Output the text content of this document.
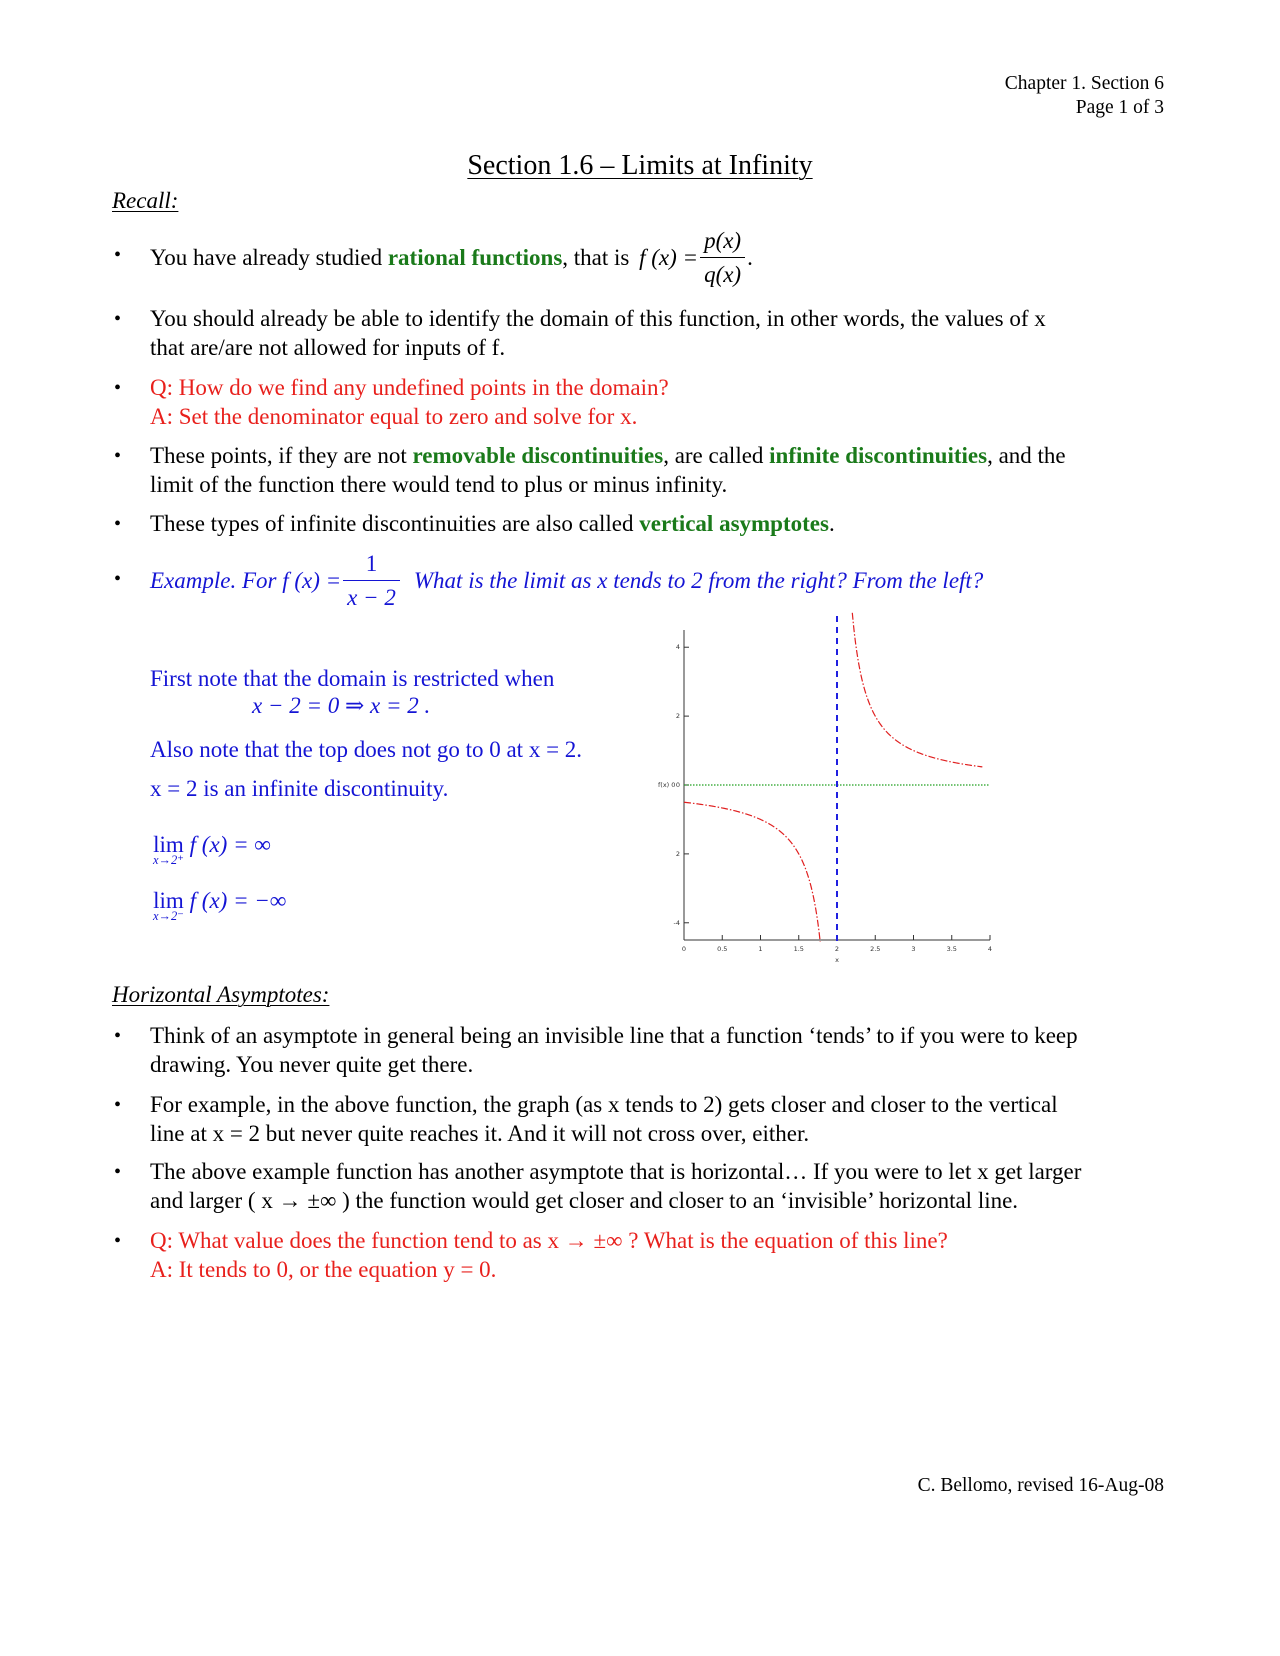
Chapter 1. Section 6
Page 1 of 3
Section 1.6 – Limits at Infinity
Recall:
• You have already studied rational functions, that is f $(x) = \frac{p(x)}{q(x)}$ .
• You should already be able to identify the domain of this function, in other words, the values of x
that are/are not allowed for inputs of f.
• Q: How do we find any undefined points in the domain?
A: Set the denominator equal to zero and solve for x.
• These points, if they are not removable discontinuities, are called infinite discontinuities, and the
limit of the function there would tend to plus or minus infinity.
• These types of infinite discontinuities are also called vertical asymptotes.
• Example. For f $(x) = \frac{1}{x - 2}$ What is the limit as x tends to 2 from the right? From the left?
First note that the domain is restricted when
x − 2 = 0 ⇒ x = 2 .
Also note that the top does not go to 0 at x = 2.
x = 2 is an infinite discontinuity.
lim
x→2⁺
f (x) = ∞
lim
x→2⁻
f (x) = −∞
4
2
0
2
-4
0	0.5	1	1.5	2	2.5	3	3.5	4
f(x) 0
x
Horizontal Asymptotes:
• Think of an asymptote in general being an invisible line that a function ‘tends’ to if you were to keep
drawing. You never quite get there.
• For example, in the above function, the graph (as x tends to 2) gets closer and closer to the vertical
line at x = 2 but never quite reaches it. And it will not cross over, either.
• The above example function has another asymptote that is horizontal… If you were to let x get larger
and larger ( x → ±∞ ) the function would get closer and closer to an ‘invisible’ horizontal line.
• Q: What value does the function tend to as x → ±∞ ? What is the equation of this line?
A: It tends to 0, or the equation y = 0.
C. Bellomo, revised 16-Aug-08
